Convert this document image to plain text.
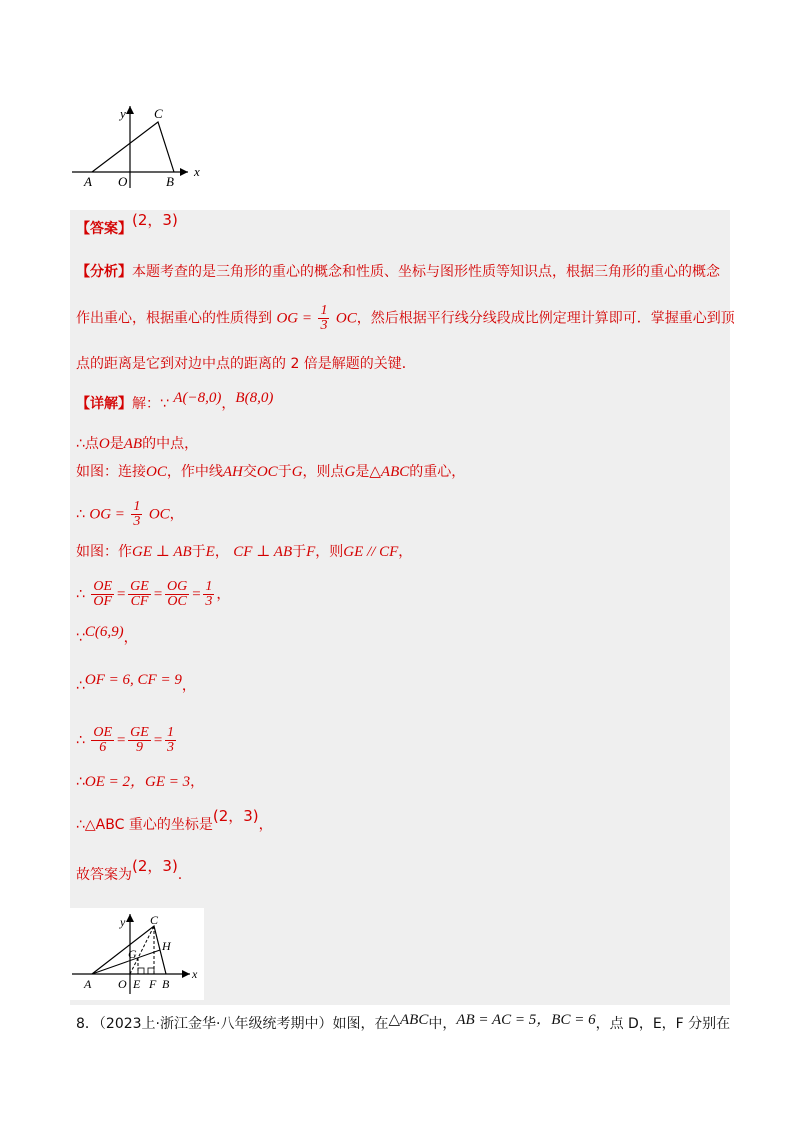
y
x
C
A O	B
【答案】(2，3)
【分析】本题考查的是三角形的重心的概念和性质、坐标与图形性质等知识点，根据三角形的重心的概念
作出重心，根据重心的性质得到 OG = $\frac{1}{3}$ OC，然后根据平行线分线段成比例定理计算即可．掌握重心到顶
点的距离是它到对边中点的距离的 2 倍是解题的关键．
【详解】解：∵ A(−8,0)，B(8,0)
∴点O是AB的中点，
如图：连接OC，作中线AH交OC于G，则点G是△ABC的重心，
∴ OG = $\frac{1}{3}$ OC，
如图：作GE ⊥ AB于E， CF ⊥ AB于F，则GE // CF，
∴ $\frac{OE}{OF} = \frac{GE}{CF} = \frac{OG}{OC} = \frac{1}{3}$ ，
∵C(6,9)，
∴OF = 6, CF = 9，
∴ $\frac{OE}{6} = \frac{GE}{9} = \frac{1}{3}$
∴OE = 2，GE = 3，
∴△ABC 重心的坐标是(2，3)，
故答案为(2，3).
y
x
C
H
G
A O E F B
8．（2023上·浙江金华·八年级统考期中）如图，在△ABC中，AB = AC = 5，BC = 6，点 D，E，F 分别在
